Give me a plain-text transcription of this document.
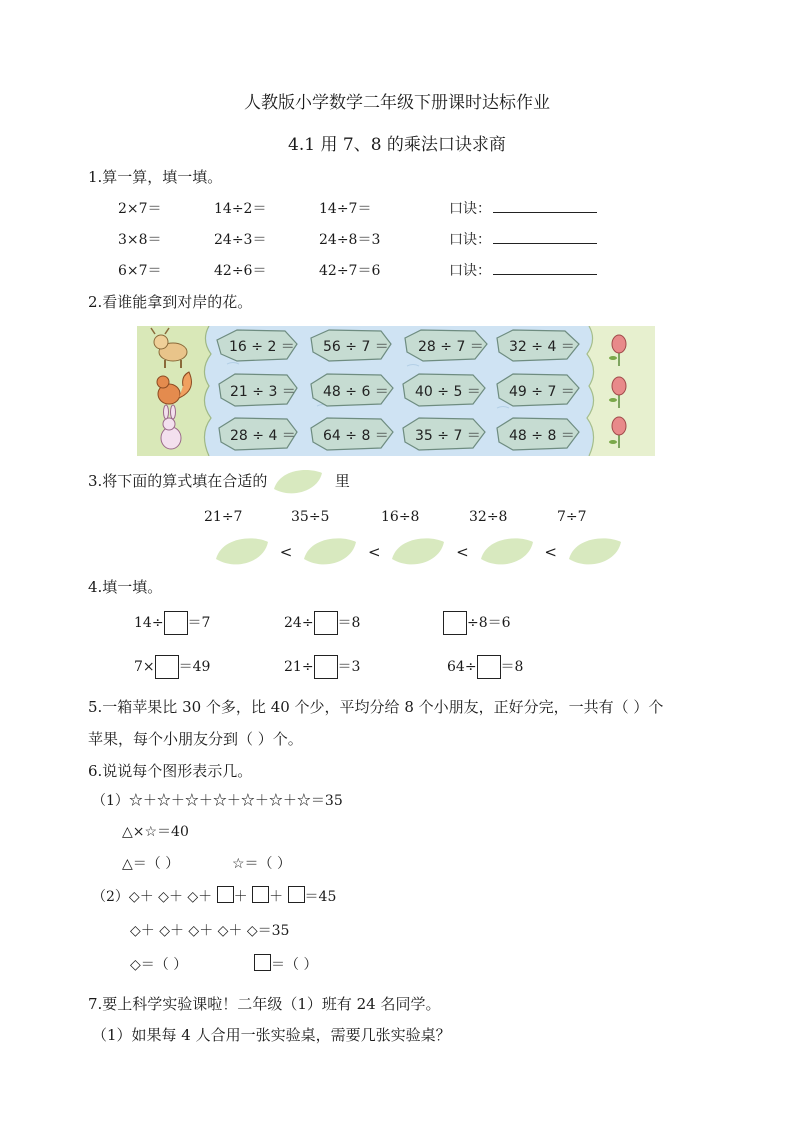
人教版小学数学二年级下册课时达标作业
4.1 用 7、8 的乘法口诀求商
1.算一算，填一填。
2×7＝	14÷2＝	14÷7＝	口诀：
3×8＝	24÷3＝	24÷8＝3	口诀：
6×7＝	42÷6＝	42÷7＝6	口诀：
2.看谁能拿到对岸的花。
16 ÷ 2 ＝ 56 ÷ 7 ＝ 28 ÷ 7 ＝ 32 ÷ 4 ＝
21 ÷ 3 ＝ 48 ÷ 6 ＝ 40 ÷ 5 ＝ 49 ÷ 7 ＝
28 ÷ 4 ＝ 64 ÷ 8 ＝ 35 ÷ 7 ＝ 48 ÷ 8 ＝
3.将下面的算式填在合适的	里
21÷7	35÷5	16÷8	32÷8	7÷7
<	<	<	<
4.填一填。
14÷ ＝7	24÷ ＝8	÷8＝6
7× ＝49	21÷ ＝3	64÷ ＝8
5.一箱苹果比 30 个多，比 40 个少，平均分给 8 个小朋友，正好分完，一共有（ ）个
苹果，每个小朋友分到（ ）个。
6.说说每个图形表示几。
（1）☆＋☆＋☆＋☆＋☆＋☆＋☆＝35
△×☆＝40
△＝（ ）	☆＝（ ）
（2）◇＋ ◇＋ ◇＋ ＋ ＋ ＝45
◇＋ ◇＋ ◇＋ ◇＋ ◇＝35
◇＝（ ）	＝（ ）
7.要上科学实验课啦！二年级（1）班有 24 名同学。
（1）如果每 4 人合用一张实验桌，需要几张实验桌？
